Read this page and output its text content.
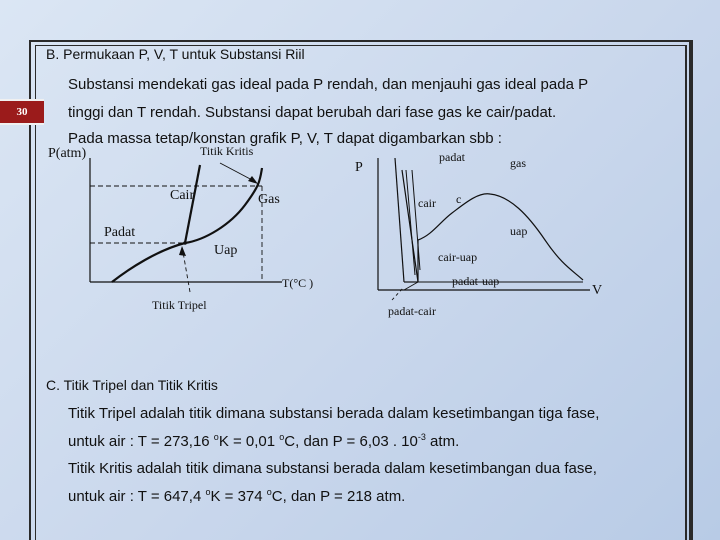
30
B. Permukaan P, V, T untuk Substansi Riil
Substansi mendekati gas ideal pada P rendah, dan menjauhi gas ideal pada P
tinggi dan T rendah. Substansi dapat berubah dari fase gas ke cair/padat.
Pada massa tetap/konstan grafik P, V, T dapat digambarkan sbb :
P(atm)	Titik Kritis
Cair	Gas
Padat
Uap
T(°C )
Titik Tripel
P
padat	gas
cair c
uap
cair-uap
padat-uap
V
padat-cair
C. Titik Tripel dan Titik Kritis
Titik Tripel adalah titik dimana substansi berada dalam kesetimbangan tiga fase,
untuk air : T = 273,16 $^o$K = 0,01 $^o$C, dan P = 6,03 . $10^{-3}$ atm.
Titik Kritis adalah titik dimana substansi berada dalam kesetimbangan dua fase,
untuk air : T = 647,4 $^o$K = 374 $^o$C, dan P = 218 atm.
